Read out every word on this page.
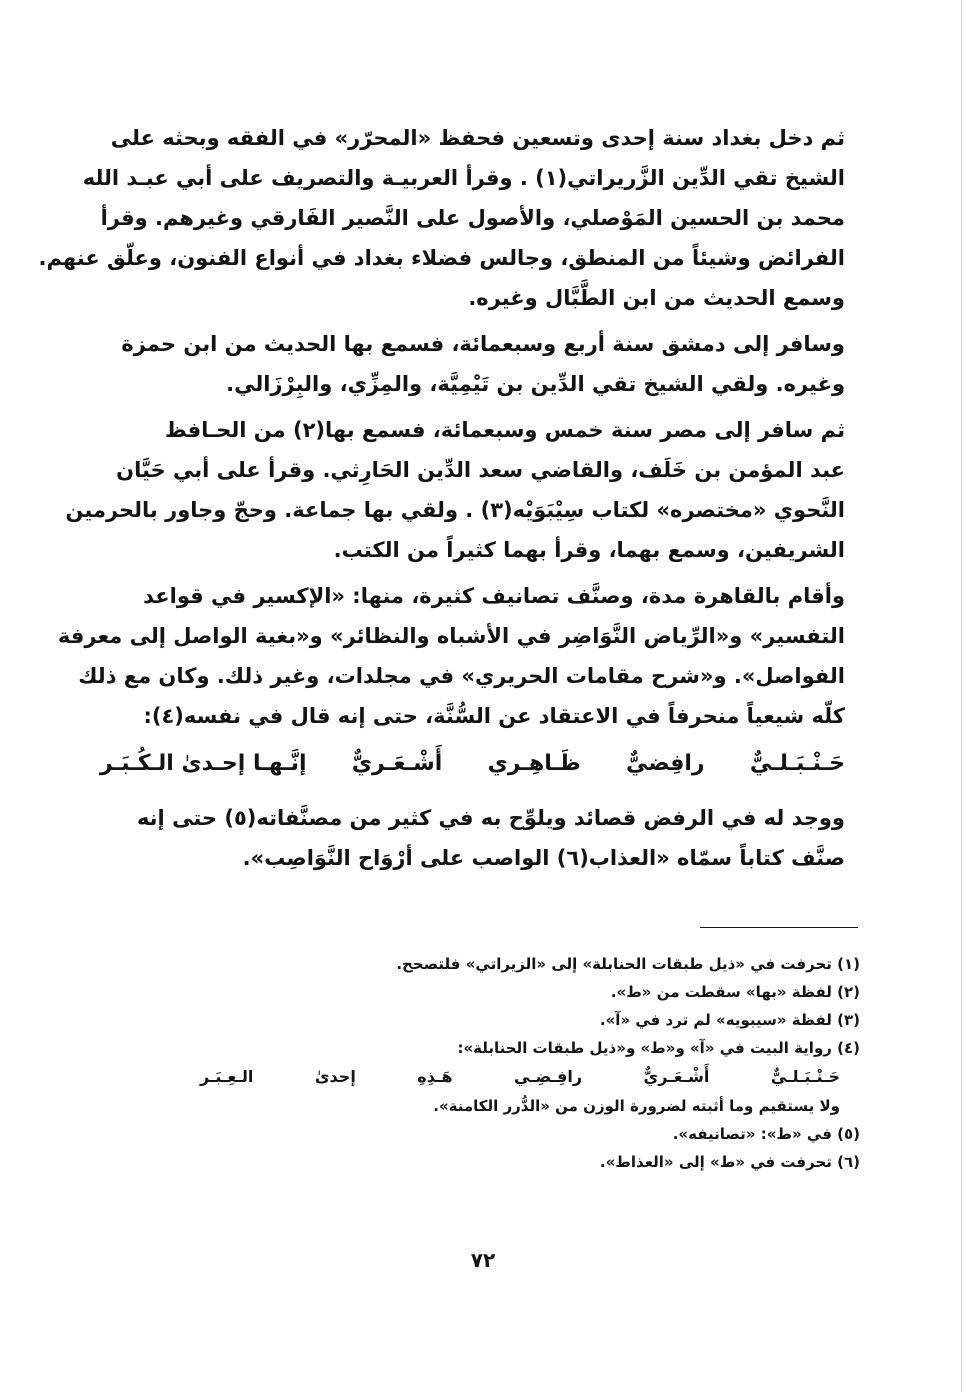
ثم دخل بغداد سنة إحدى وتسعين فحفظ «المحرّر» في الفقه وبحثه على
الشيخ تقي الدِّين الزَّريراتي(١) . وقرأ العربيـة والتصريف على أبي عبـد الله
محمد بن الحسين المَوْصلي، والأصول على النَّصير الفَارقي وغيرهم. وقرأ
الفرائض وشيئاً من المنطق، وجالس فضلاء بغداد في أنواع الفنون، وعلّق عنهم.
وسمع الحديث من ابن الطَّبَّال وغيره.
وسافر إلى دمشق سنة أربع وسبعمائة، فسمع بها الحديث من ابن حمزة
وغيره. ولقي الشيخ تقي الدِّين بن تَيْمِيَّة، والمِزِّي، والبِرْزَالي.
ثم سافر إلى مصر سنة خمس وسبعمائة، فسمع بها(٢) من الحـافظ
عبد المؤمن بن خَلَف، والقاضي سعد الدِّين الحَارِثي. وقرأ على أبي حَيَّان
النَّحوي «مختصره» لكتاب سِيْبَوَيْه(٣) . ولقي بها جماعة. وحجّ وجاور بالحرمين
الشريفين، وسمع بهما، وقرأ بهما كثيراً من الكتب.
وأقام بالقاهرة مدة، وصنَّف تصانيف كثيرة، منها: «الإكسير في قواعد
التفسير» و«الرِّياض النَّوَاضِر في الأشباه والنظائر» و«بغية الواصل إلى معرفة
الفواصل». و«شرح مقامات الحريري» في مجلدات، وغير ذلك. وكان مع ذلك
كلّه شيعياً منحرفاً في الاعتقاد عن السُّنَّة، حتى إنه قال في نفسه(٤):
حَـنْـبَـلـيٌّ
رافِضيٌّ
ظَـاهِـري
أَشْـعَـريٌّ
إنَّـهـا إحـدىٰ الـكُـبَـر
ووجد له في الرفض قصائد ويلوِّح به في كثير من مصنَّفاته(٥) حتى إنه
صنَّف كتاباً سمّاه «العذاب(٦) الواصب على أرْوَاح النَّوَاصِب».
(١) تحرفت في «ذيل طبقات الحنابلة» إلى «الزيراتي» فلتصحح.
(٢) لفظة «بها» سقطت من «ط».
(٣) لفظة «سيبويه» لم ترد في «آ».
(٤) رواية البيت في «آ» و«ط» و«ذيل طبقات الحنابلة»:
حَـنْـبَـلـيٌّ
أَشْـعَـريٌّ
رافِـضِـي
هَـذِهِ
إحدىٰ
الـعِـبَـر
ولا يستقيم وما أثبته لضرورة الوزن من «الدُّرر الكامنة».
(٥) في «ط»: «تصانيفه».
(٦) تحرفت في «ط» إلى «العذاط».
٧٢
